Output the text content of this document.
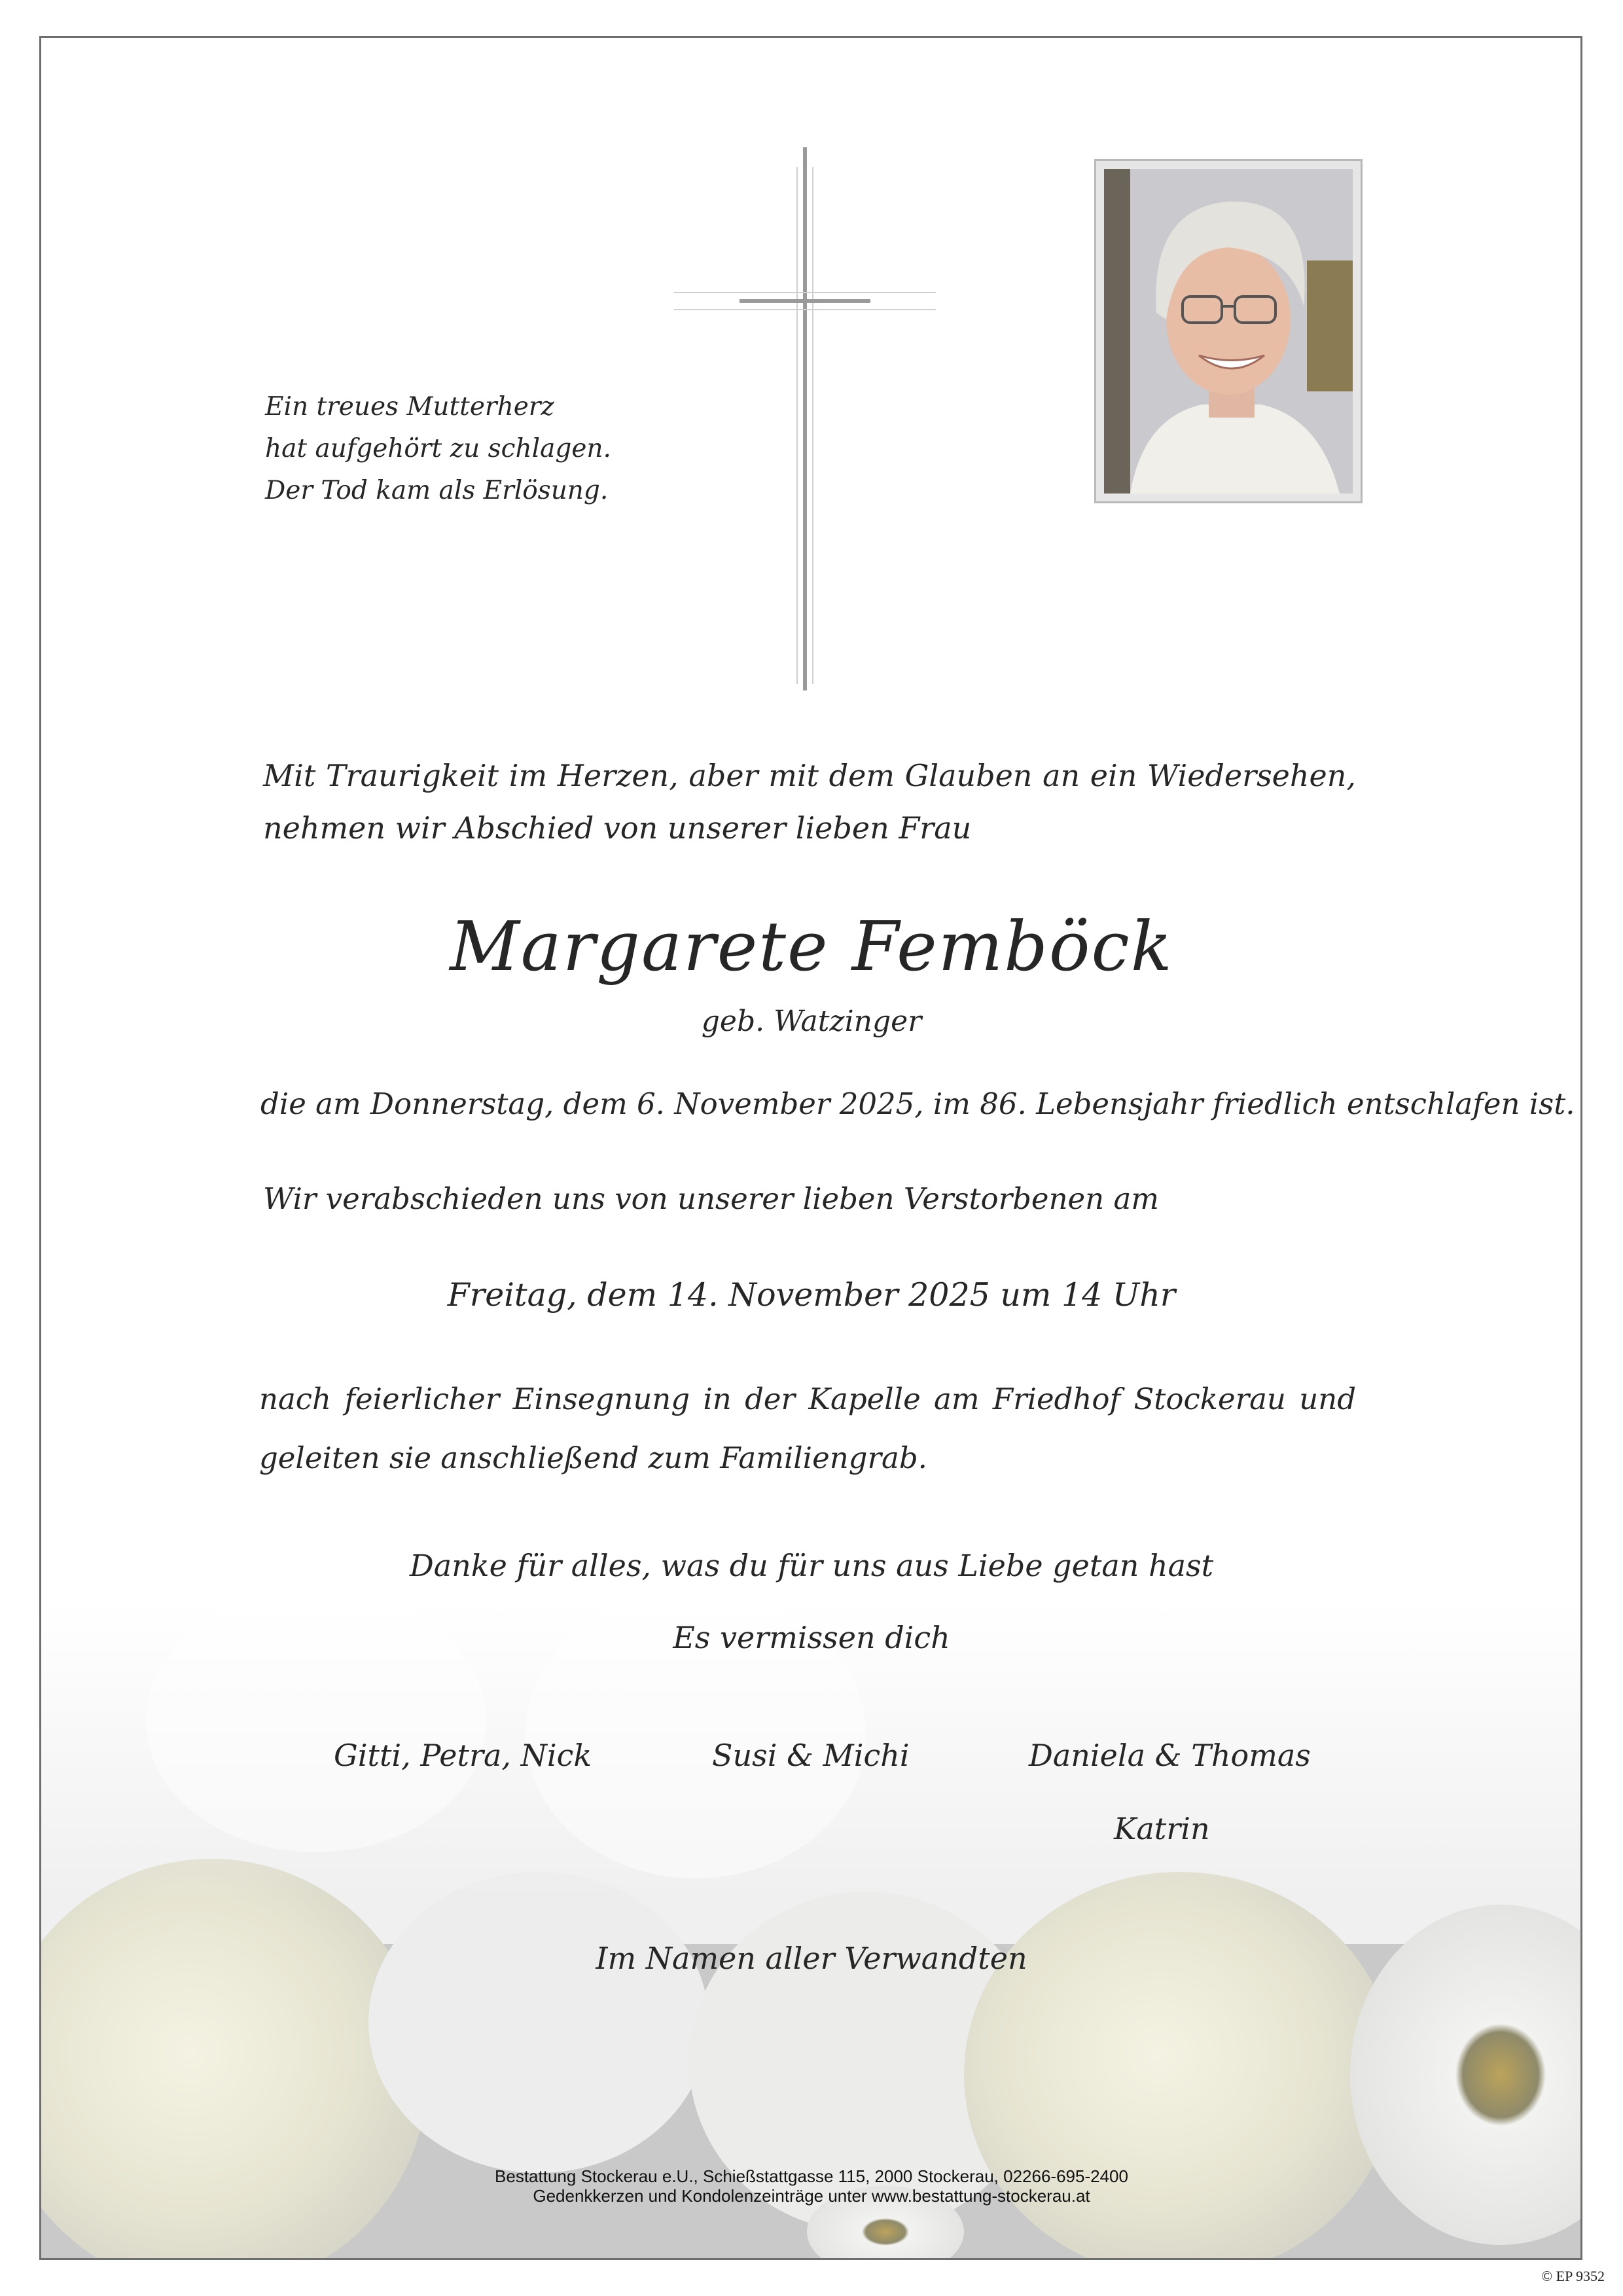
Ein treues Mutterherz
hat aufgehört zu schlagen.
Der Tod kam als Erlösung.
Mit Traurigkeit im Herzen, aber mit dem Glauben an ein Wiedersehen, nehmen wir Abschied von unserer lieben Frau
Margarete Femböck
geb. Watzinger
die am Donnerstag, dem 6. November 2025, im 86. Lebensjahr friedlich entschlafen ist.
Wir verabschieden uns von unserer lieben Verstorbenen am
Freitag, dem 14. November 2025 um 14 Uhr
nach feierlicher Einsegnung in der Kapelle am Friedhof Stockerau und geleiten sie anschließend zum Familiengrab.
Danke für alles, was du für uns aus Liebe getan hast
Es vermissen dich
Gitti, Petra, Nick	Susi & Michi	Daniela & Thomas
Katrin
Im Namen aller Verwandten
Bestattung Stockerau e.U., Schießstattgasse 115, 2000 Stockerau, 02266-695-2400
Gedenkkerzen und Kondolenzeinträge unter www.bestattung-stockerau.at
© EP 9352
